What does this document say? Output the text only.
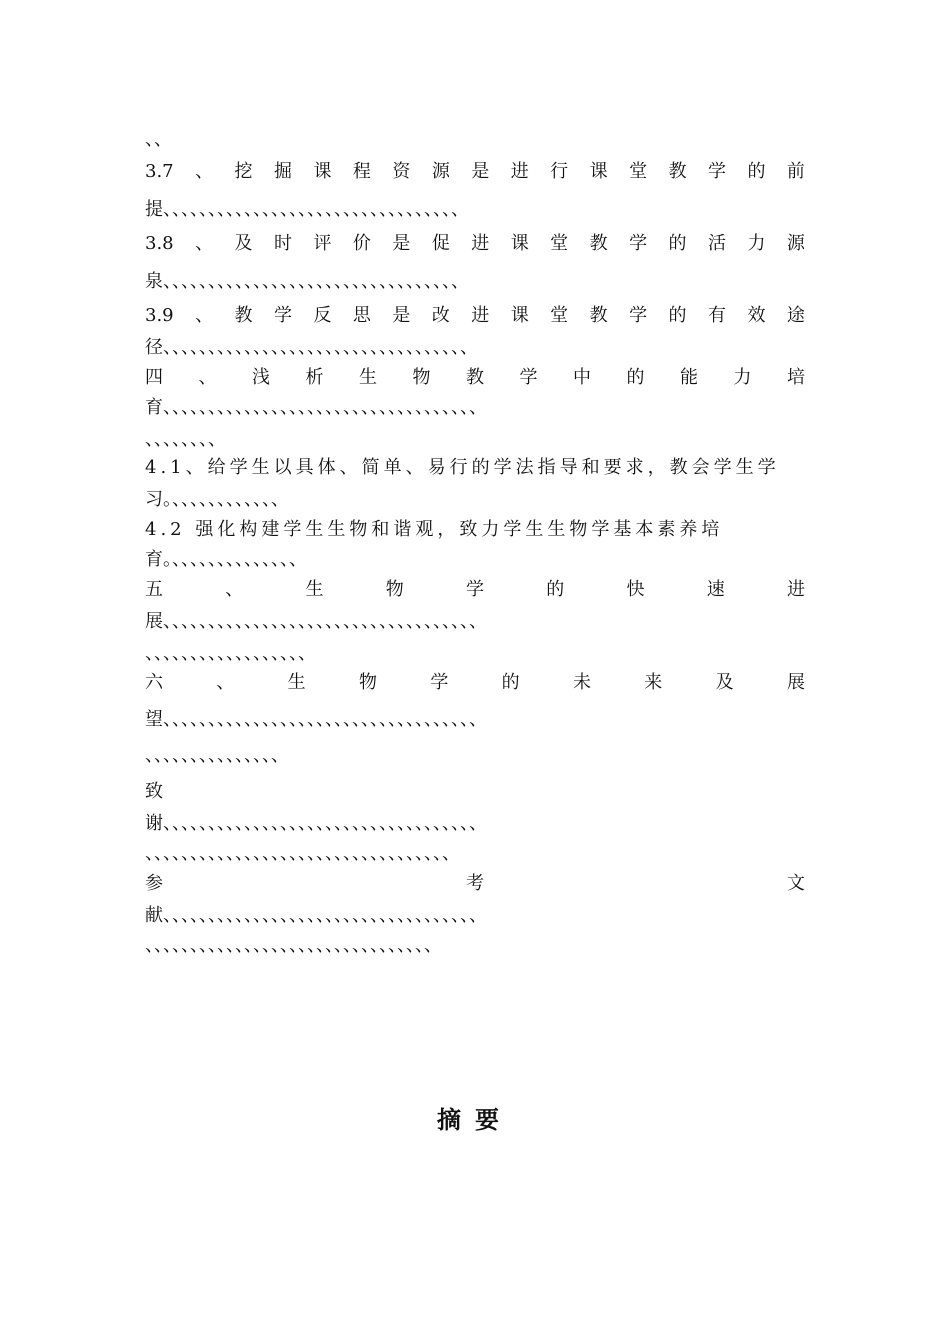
、、
3.7 、 挖 掘 课 程 资 源 是 进 行 课 堂 教 学 的 前
提、、、、、、、、、、、、、、、、、、、、、、、、、、、、、、、、、
3.8 、 及 时 评 价 是 促 进 课 堂 教 学 的 活 力 源
泉、、、、、、、、、、、、、、、、、、、、、、、、、、、、、、、、、
3.9 、 教 学 反 思 是 改 进 课 堂 教 学 的 有 效 途
径、、、、、、、、、、、、、、、、、、、、、、、、、、、、、、、、、、
四 、 浅 析 生 物 教 学 中 的 能 力 培
育、、、、、、、、、、、、、、、、、、、、、、、、、、、、、、、、、、、
、、、、、、、、
4.1、给学生以具体、简单、易行的学法指导和要求，教会学生学
习。、、、、、、、、、、、、
4.2 强化构建学生生物和谐观，致力学生生物学基本素养培
育。、、、、、、、、、、、、、、
五	、	生	物	学	的	快	速	进
展、、、、、、、、、、、、、、、、、、、、、、、、、、、、、、、、、、、
、、、、、、、、、、、、、、、、、、
六	、	生	物	学	的	未	来	及	展
望、、、、、、、、、、、、、、、、、、、、、、、、、、、、、、、、、、、
、、、、、、、、、、、、、、、
致
谢、、、、、、、、、、、、、、、、、、、、、、、、、、、、、、、、、、、
、、、、、、、、、、、、、、、、、、、、、、、、、、、、、、、、、、
参	考	文
献、、、、、、、、、、、、、、、、、、、、、、、、、、、、、、、、、、、
、、、、、、、、、、、、、、、、、、、、、、、、、、、、、、、、
摘要
